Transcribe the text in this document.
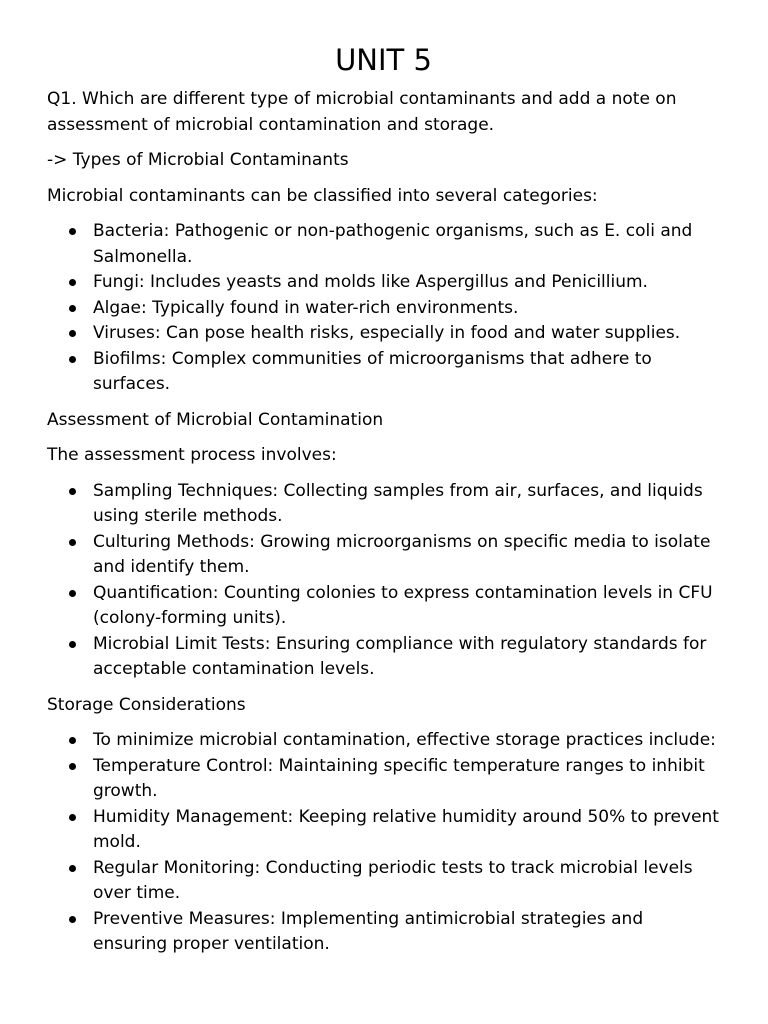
UNIT 5

Q1. Which are different type of microbial contaminants and add a note on assessment of microbial contamination and storage.

-> Types of Microbial Contaminants

Microbial contaminants can be classified into several categories:

Bacteria: Pathogenic or non-pathogenic organisms, such as E. coli and Salmonella.
Fungi: Includes yeasts and molds like Aspergillus and Penicillium.
Algae: Typically found in water-rich environments.
Viruses: Can pose health risks, especially in food and water supplies.
Biofilms: Complex communities of microorganisms that adhere to surfaces.

Assessment of Microbial Contamination

The assessment process involves:

Sampling Techniques: Collecting samples from air, surfaces, and liquids using sterile methods.
Culturing Methods: Growing microorganisms on specific media to isolate and identify them.
Quantification: Counting colonies to express contamination levels in CFU (colony-forming units).
Microbial Limit Tests: Ensuring compliance with regulatory standards for acceptable contamination levels.

Storage Considerations

To minimize microbial contamination, effective storage practices include:
Temperature Control: Maintaining specific temperature ranges to inhibit growth.
Humidity Management: Keeping relative humidity around 50% to prevent mold.
Regular Monitoring: Conducting periodic tests to track microbial levels over time.
Preventive Measures: Implementing antimicrobial strategies and ensuring proper ventilation.
